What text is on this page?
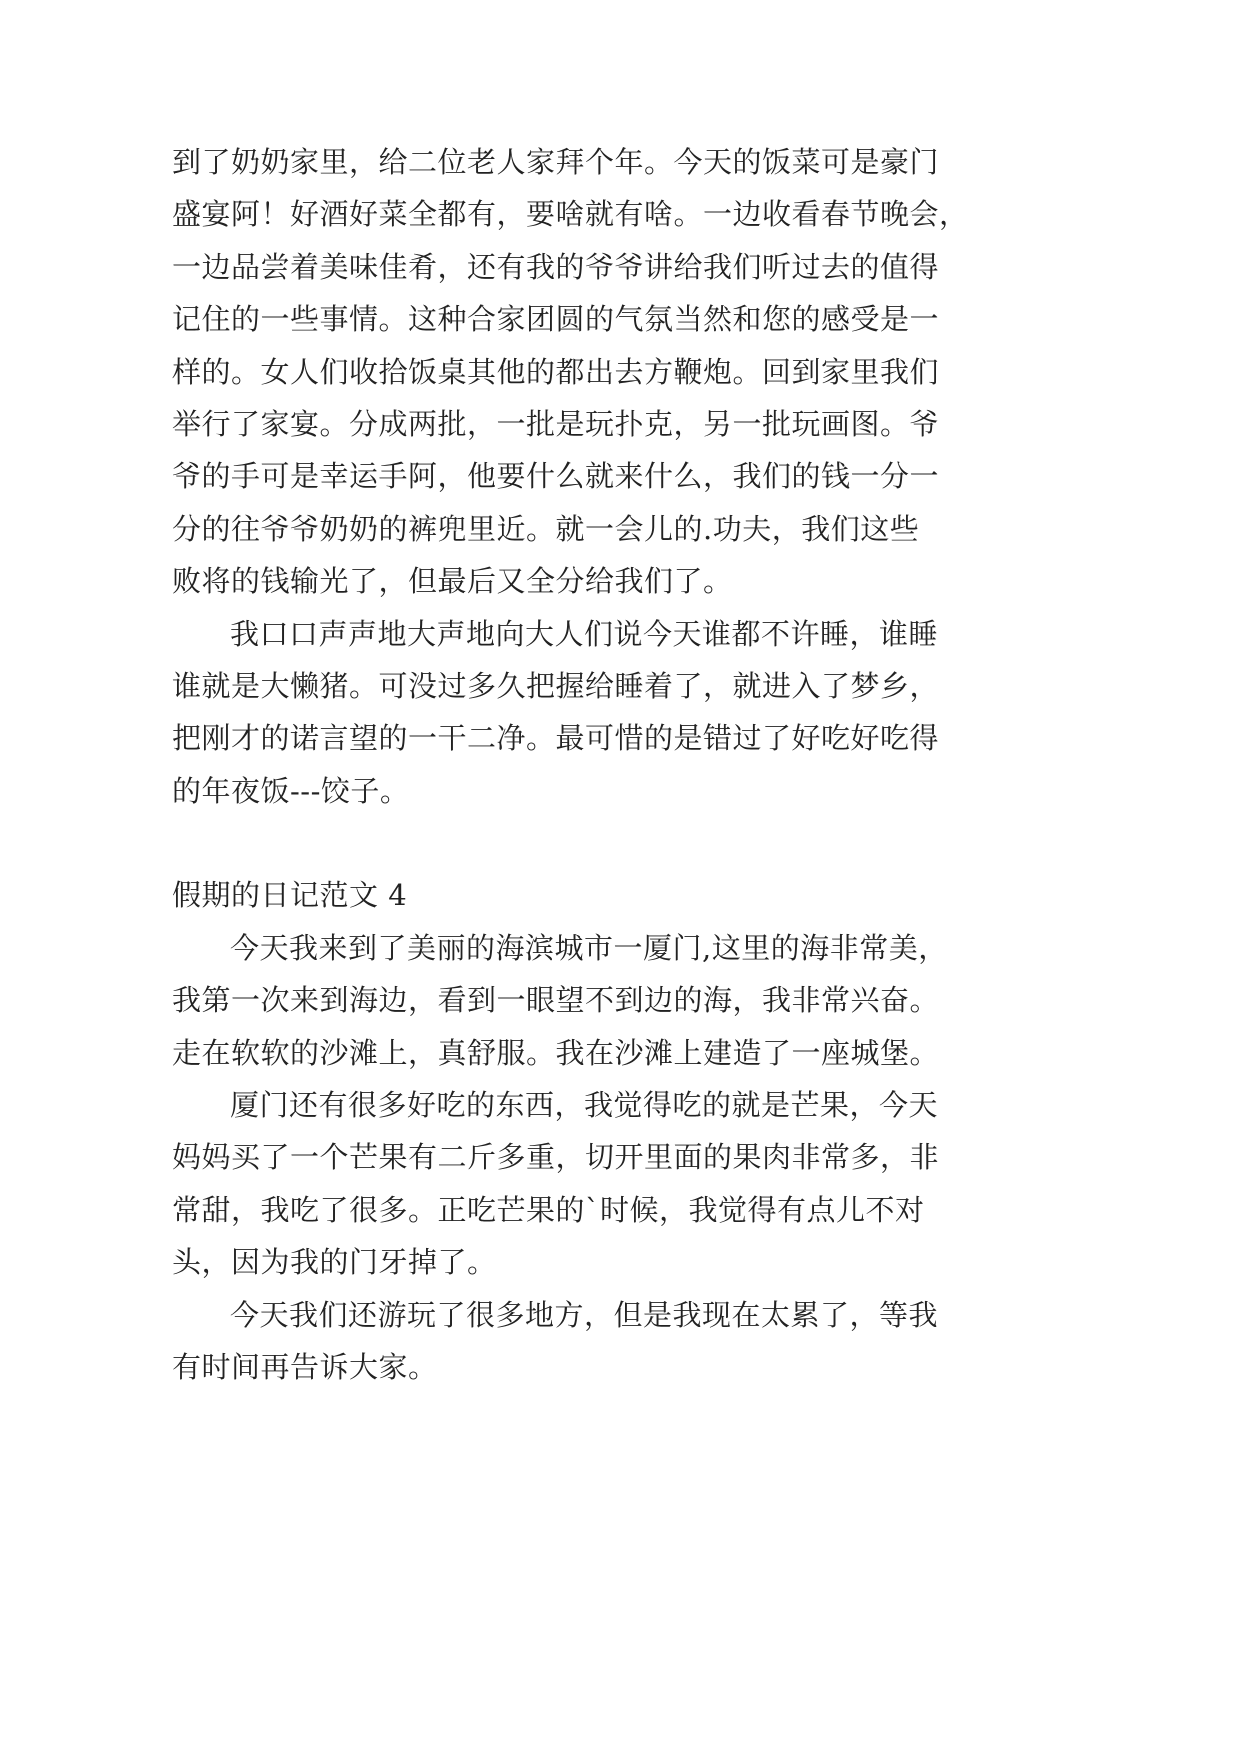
到了奶奶家里，给二位老人家拜个年。今天的饭菜可是豪门
盛宴阿！好酒好菜全都有，要啥就有啥。一边收看春节晚会，
一边品尝着美味佳肴，还有我的爷爷讲给我们听过去的值得
记住的一些事情。这种合家团圆的气氛当然和您的感受是一
样的。女人们收拾饭桌其他的都出去方鞭炮。回到家里我们
举行了家宴。分成两批，一批是玩扑克，另一批玩画图。爷
爷的手可是幸运手阿，他要什么就来什么，我们的钱一分一
分的往爷爷奶奶的裤兜里近。就一会儿的.功夫，我们这些
败将的钱输光了，但最后又全分给我们了。
我口口声声地大声地向大人们说今天谁都不许睡，谁睡
谁就是大懒猪。可没过多久把握给睡着了，就进入了梦乡，
把刚才的诺言望的一干二净。最可惜的是错过了好吃好吃得
的年夜饭---饺子。
假期的日记范文 4
今天我来到了美丽的海滨城市一厦门,这里的海非常美，
我第一次来到海边，看到一眼望不到边的海，我非常兴奋。
走在软软的沙滩上，真舒服。我在沙滩上建造了一座城堡。
厦门还有很多好吃的东西，我觉得吃的就是芒果，今天
妈妈买了一个芒果有二斤多重，切开里面的果肉非常多，非
常甜，我吃了很多。正吃芒果的`时候，我觉得有点儿不对
头，因为我的门牙掉了。
今天我们还游玩了很多地方，但是我现在太累了，等我
有时间再告诉大家。
